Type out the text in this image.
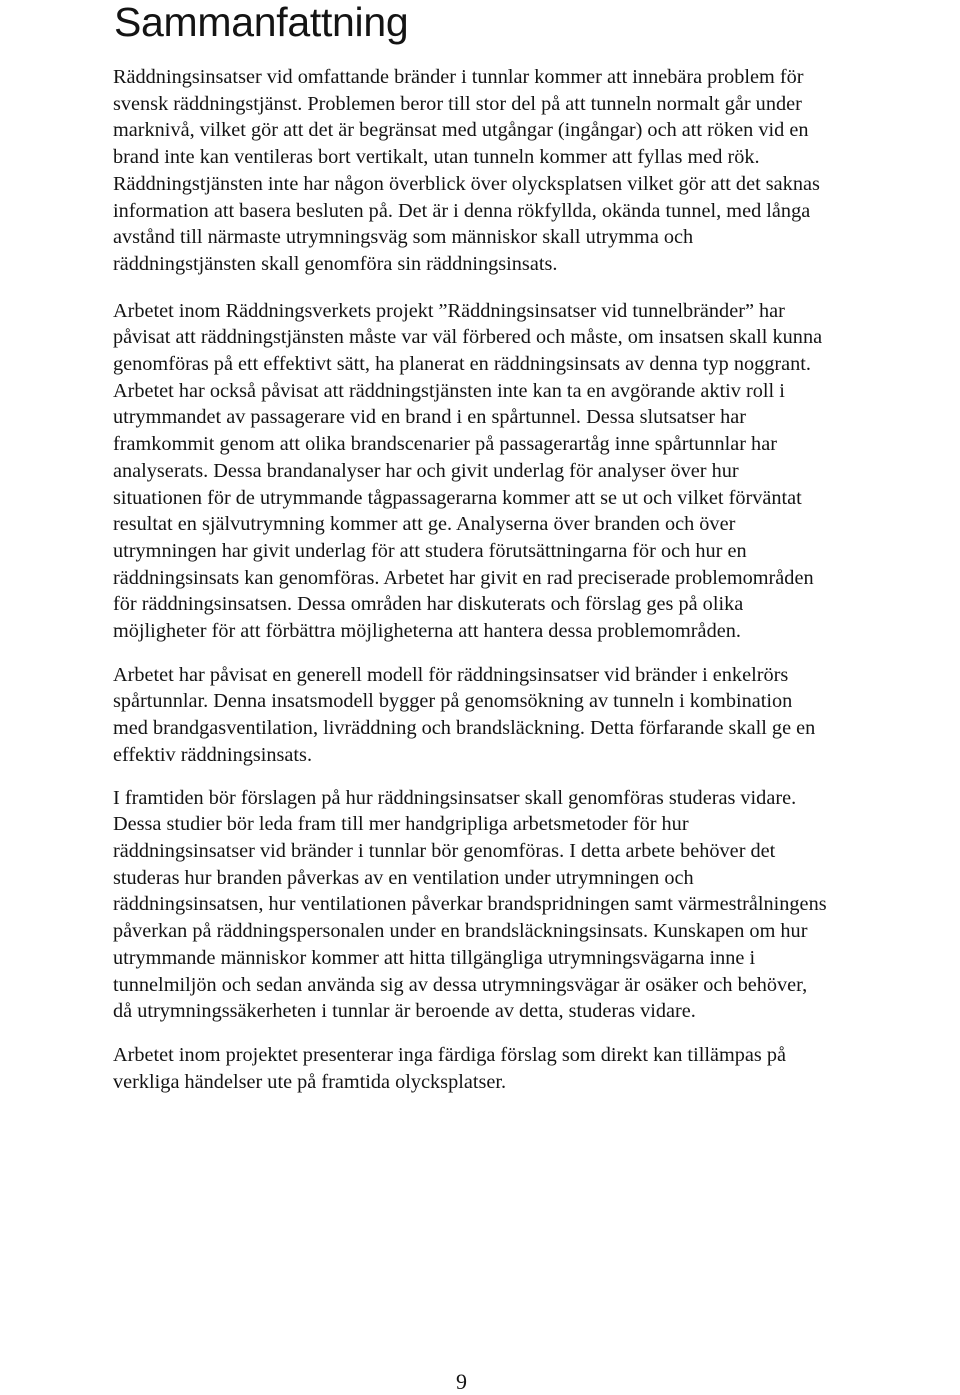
Sammanfattning

Räddningsinsatser vid omfattande bränder i tunnlar kommer att innebära problem för svensk räddningstjänst. Problemen beror till stor del på att tunneln normalt går under marknivå, vilket gör att det är begränsat med utgångar (ingångar) och att röken vid en brand inte kan ventileras bort vertikalt, utan tunneln kommer att fyllas med rök. Räddningstjänsten inte har någon överblick över olycksplatsen vilket gör att det saknas information att basera besluten på. Det är i denna rökfyllda, okända tunnel, med långa avstånd till närmaste utrymningsväg som människor skall utrymma och räddningstjänsten skall genomföra sin räddningsinsats.

Arbetet inom Räddningsverkets projekt ”Räddningsinsatser vid tunnelbränder” har påvisat att räddningstjänsten måste var väl förbered och måste, om insatsen skall kunna genomföras på ett effektivt sätt, ha planerat en räddningsinsats av denna typ noggrant. Arbetet har också påvisat att räddningstjänsten inte kan ta en avgörande aktiv roll i utrymmandet av passagerare vid en brand i en spårtunnel. Dessa slutsatser har framkommit genom att olika brandscenarier på passagerartåg inne spårtunnlar har analyserats. Dessa brandanalyser har och givit underlag för analyser över hur situationen för de utrymmande tågpassagerarna kommer att se ut och vilket förväntat resultat en självutrymning kommer att ge. Analyserna över branden och över utrymningen har givit underlag för att studera förutsättningarna för och hur en räddningsinsats kan genomföras. Arbetet har givit en rad preciserade problemområden för räddningsinsatsen. Dessa områden har diskuterats och förslag ges på olika möjligheter för att förbättra möjligheterna att hantera dessa problemområden.

Arbetet har påvisat en generell modell för räddningsinsatser vid bränder i enkelrörs spårtunnlar. Denna insatsmodell bygger på genomsökning av tunneln i kombination med brandgasventilation, livräddning och brandsläckning. Detta förfarande skall ge en effektiv räddningsinsats.

I framtiden bör förslagen på hur räddningsinsatser skall genomföras studeras vidare. Dessa studier bör leda fram till mer handgripliga arbetsmetoder för hur räddningsinsatser vid bränder i tunnlar bör genomföras. I detta arbete behöver det studeras hur branden påverkas av en ventilation under utrymningen och räddningsinsatsen, hur ventilationen påverkar brandspridningen samt värmestrålningens påverkan på räddningspersonalen under en brandsläckningsinsats. Kunskapen om hur utrymmande människor kommer att hitta tillgängliga utrymningsvägarna inne i tunnelmiljön och sedan använda sig av dessa utrymningsvägar är osäker och behöver, då utrymningssäkerheten i tunnlar är beroende av detta, studeras vidare.

Arbetet inom projektet presenterar inga färdiga förslag som direkt kan tillämpas på verkliga händelser ute på framtida olycksplatser.

9
